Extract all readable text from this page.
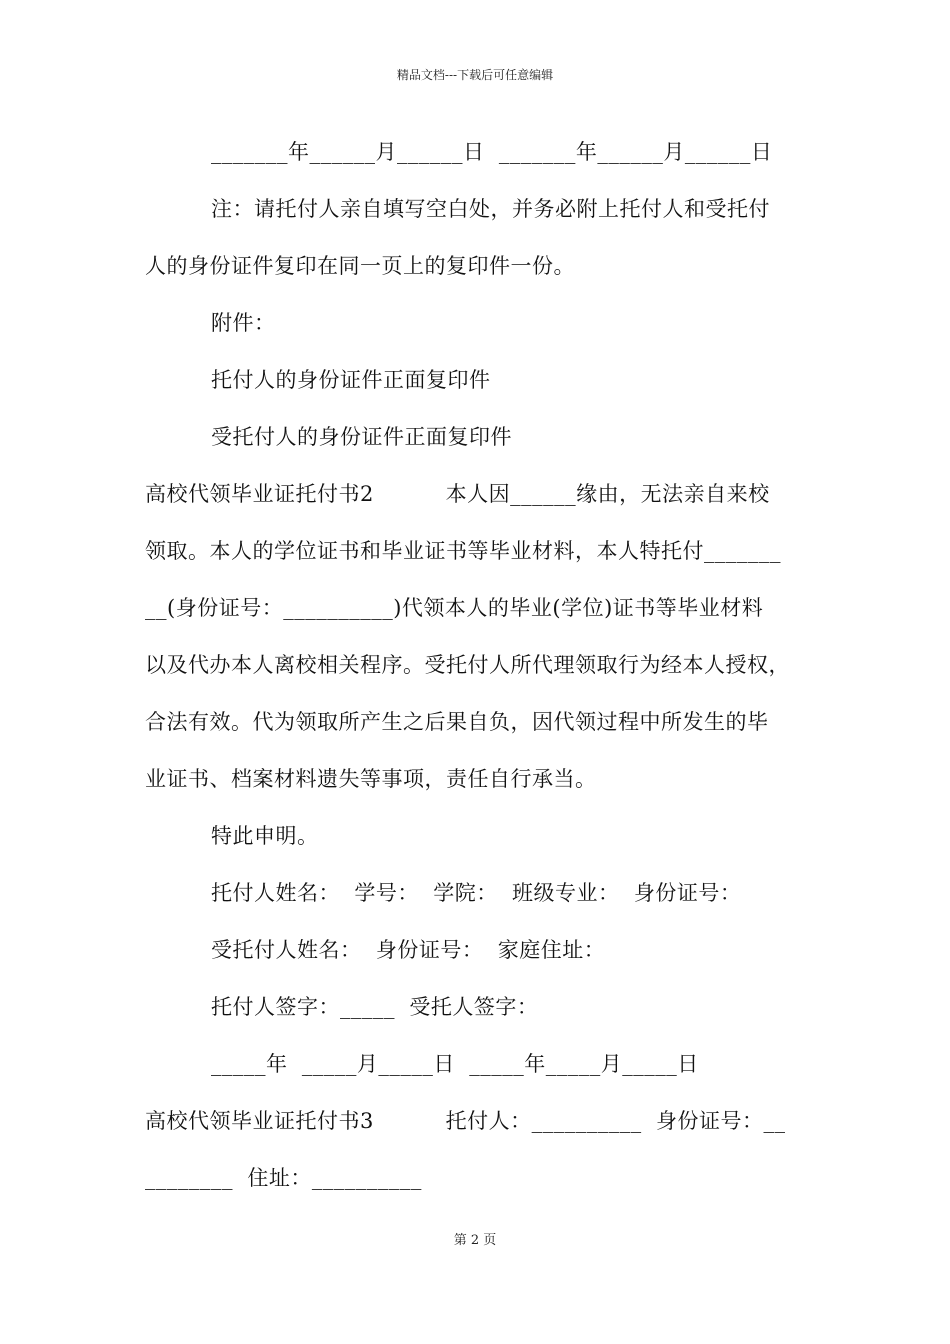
精品文档---下载后可任意编辑
_______年______月______日  _______年______月______日
注：请托付人亲自填写空白处，并务必附上托付人和受托付
人的身份证件复印在同一页上的复印件一份。
附件：
托付人的身份证件正面复印件
受托付人的身份证件正面复印件
高校代领毕业证托付书2          本人因______缘由，无法亲自来校
领取。本人的学位证书和毕业证书等毕业材料，本人特托付_______
__(身份证号：__________)代领本人的毕业(学位)证书等毕业材料
以及代办本人离校相关程序。受托付人所代理领取行为经本人授权，
合法有效。代为领取所产生之后果自负，因代领过程中所发生的毕
业证书、档案材料遗失等事项，责任自行承当。
特此申明。
托付人姓名：  学号：  学院：  班级专业：  身份证号：
受托付人姓名：  身份证号：  家庭住址：
托付人签字：_____  受托人签字：
_____年  _____月_____日  _____年_____月_____日
高校代领毕业证托付书3          托付人：__________  身份证号：__
________  住址：__________
第 2 页
